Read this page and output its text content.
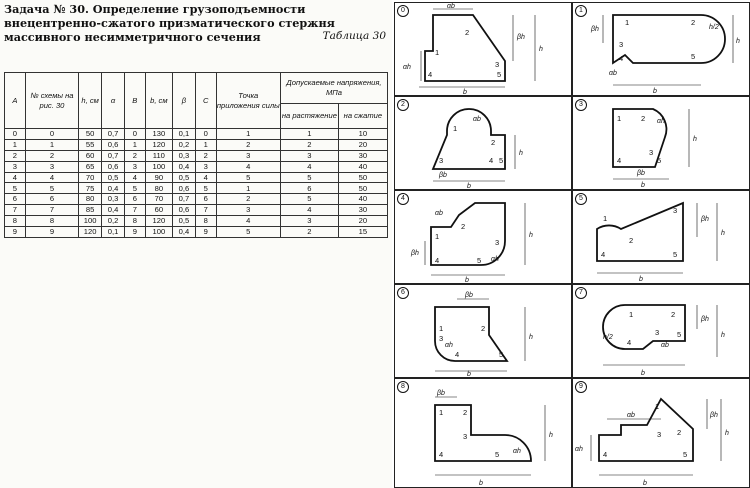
Задача № 30. Определение грузоподъемности внецентренно-сжатого призматического стержня массивного несимметричного сечения	Таблица 30
A	№ схемы на рис. 30	h, см	α	B	b, см	β	C	Точка приложения силы	Допускаемые напряжения, МПа	
									на растяжение	на сжатие
0	0	50	0,7	0	130	0,1	0	1	1	10
1	1	55	0,6	1	120	0,2	1	2	2	20
2	2	60	0,7	2	110	0,3	2	3	3	30
3	3	65	0,6	3	100	0,4	3	4	4	40
4	4	70	0,5	4	90	0,5	4	5	5	50
5	5	75	0,4	5	80	0,6	5	1	6	50
6	6	80	0,3	6	70	0,7	6	2	5	40
7	7	85	0,4	7	60	0,6	7	3	4	30
8	8	100	0,2	8	120	0,5	8	4	3	20
9	9	120	0,1	9	100	0,4	9	5	2	15
0
αb
2
βh
1	h
αh	3
4	5
b
1
βh
1	2
h/2
h
3
4
αb
5
b
2
αb
1
2
h
3
βb
4 5
b
3
1	2 αh
h
4
3
5
βb
b
4
αb
1
2
βh
h
3
αh
4	5
b
5
1
3
βh
h
2
4	5
b
6	βb
1	2
αh
h
3
4	5
b
7
1	2
βh
h/2
3
αb
h
4
5
b
8
βb
1	2
3	h
αh
4	5
b
9
αb
1
2
βh
3	h
αh
4	5
b
